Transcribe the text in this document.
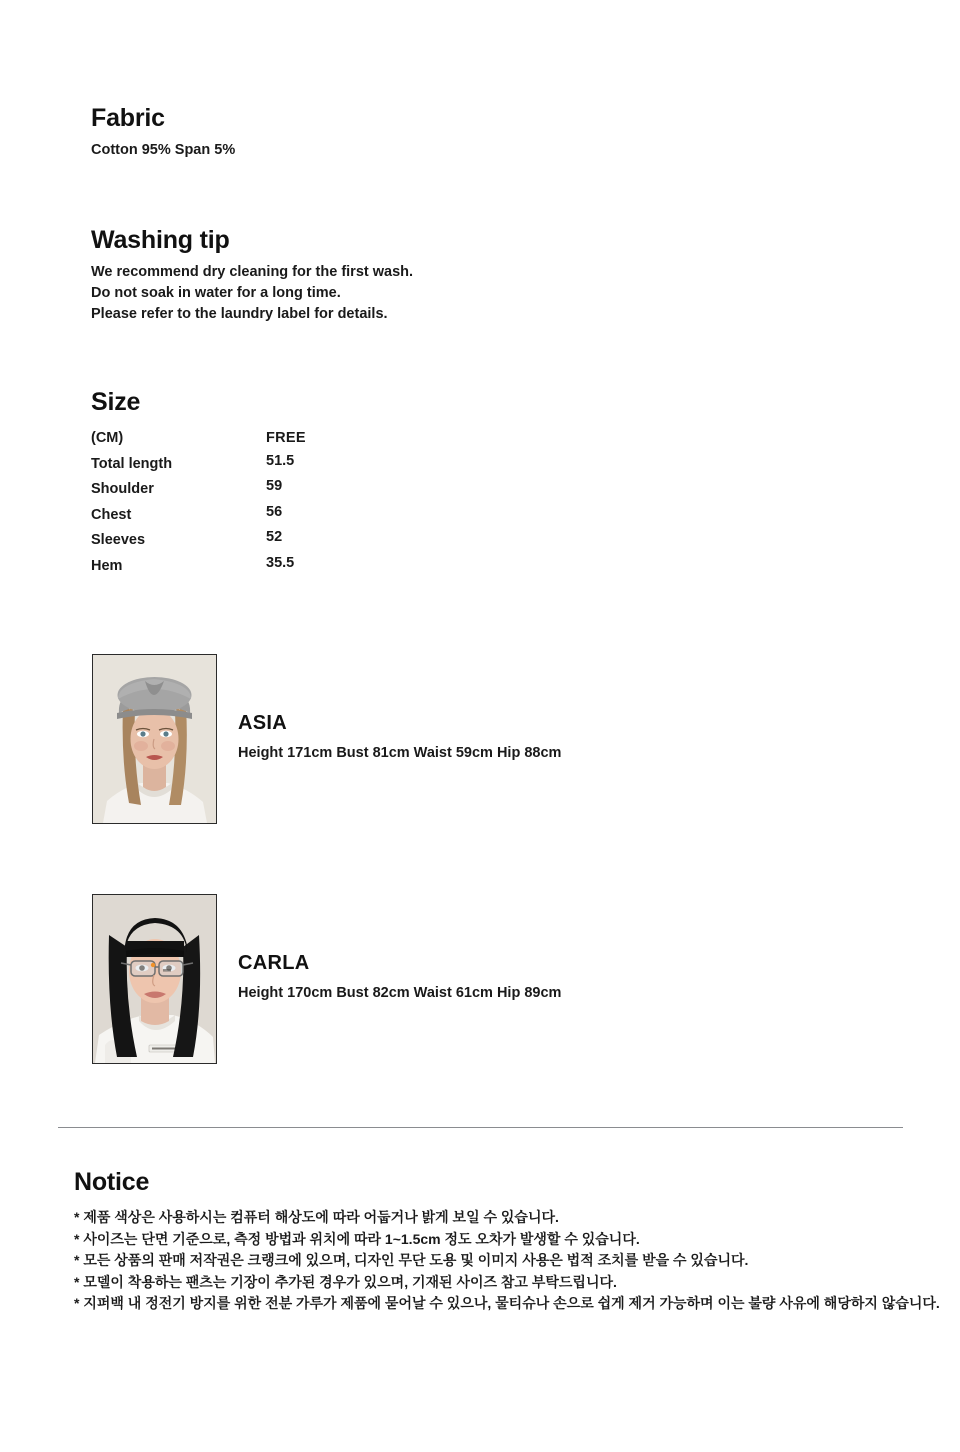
Fabric
Cotton 95% Span 5%
Washing tip
We recommend dry cleaning for the first wash.
Do not soak in water for a long time.
Please refer to the laundry label for details.
Size
(CM)	FREE
Total length	51.5
Shoulder	59
Chest	56
Sleeves	52
Hem	35.5
ASIA
Height 171cm Bust 81cm Waist 59cm Hip 88cm
CARLA
Height 170cm Bust 82cm Waist 61cm Hip 89cm
Notice
* 제품 색상은 사용하시는 컴퓨터 해상도에 따라 어둡거나 밝게 보일 수 있습니다.
* 사이즈는 단면 기준으로, 측정 방법과 위치에 따라 1~1.5cm 정도 오차가 발생할 수 있습니다.
* 모든 상품의 판매 저작권은 크랭크에 있으며, 디자인 무단 도용 및 이미지 사용은 법적 조치를 받을 수 있습니다.
* 모델이 착용하는 팬츠는 기장이 추가된 경우가 있으며, 기재된 사이즈 참고 부탁드립니다.
* 지퍼백 내 정전기 방지를 위한 전분 가루가 제품에 묻어날 수 있으나, 물티슈나 손으로 쉽게 제거 가능하며 이는 불량 사유에 해당하지 않습니다.
